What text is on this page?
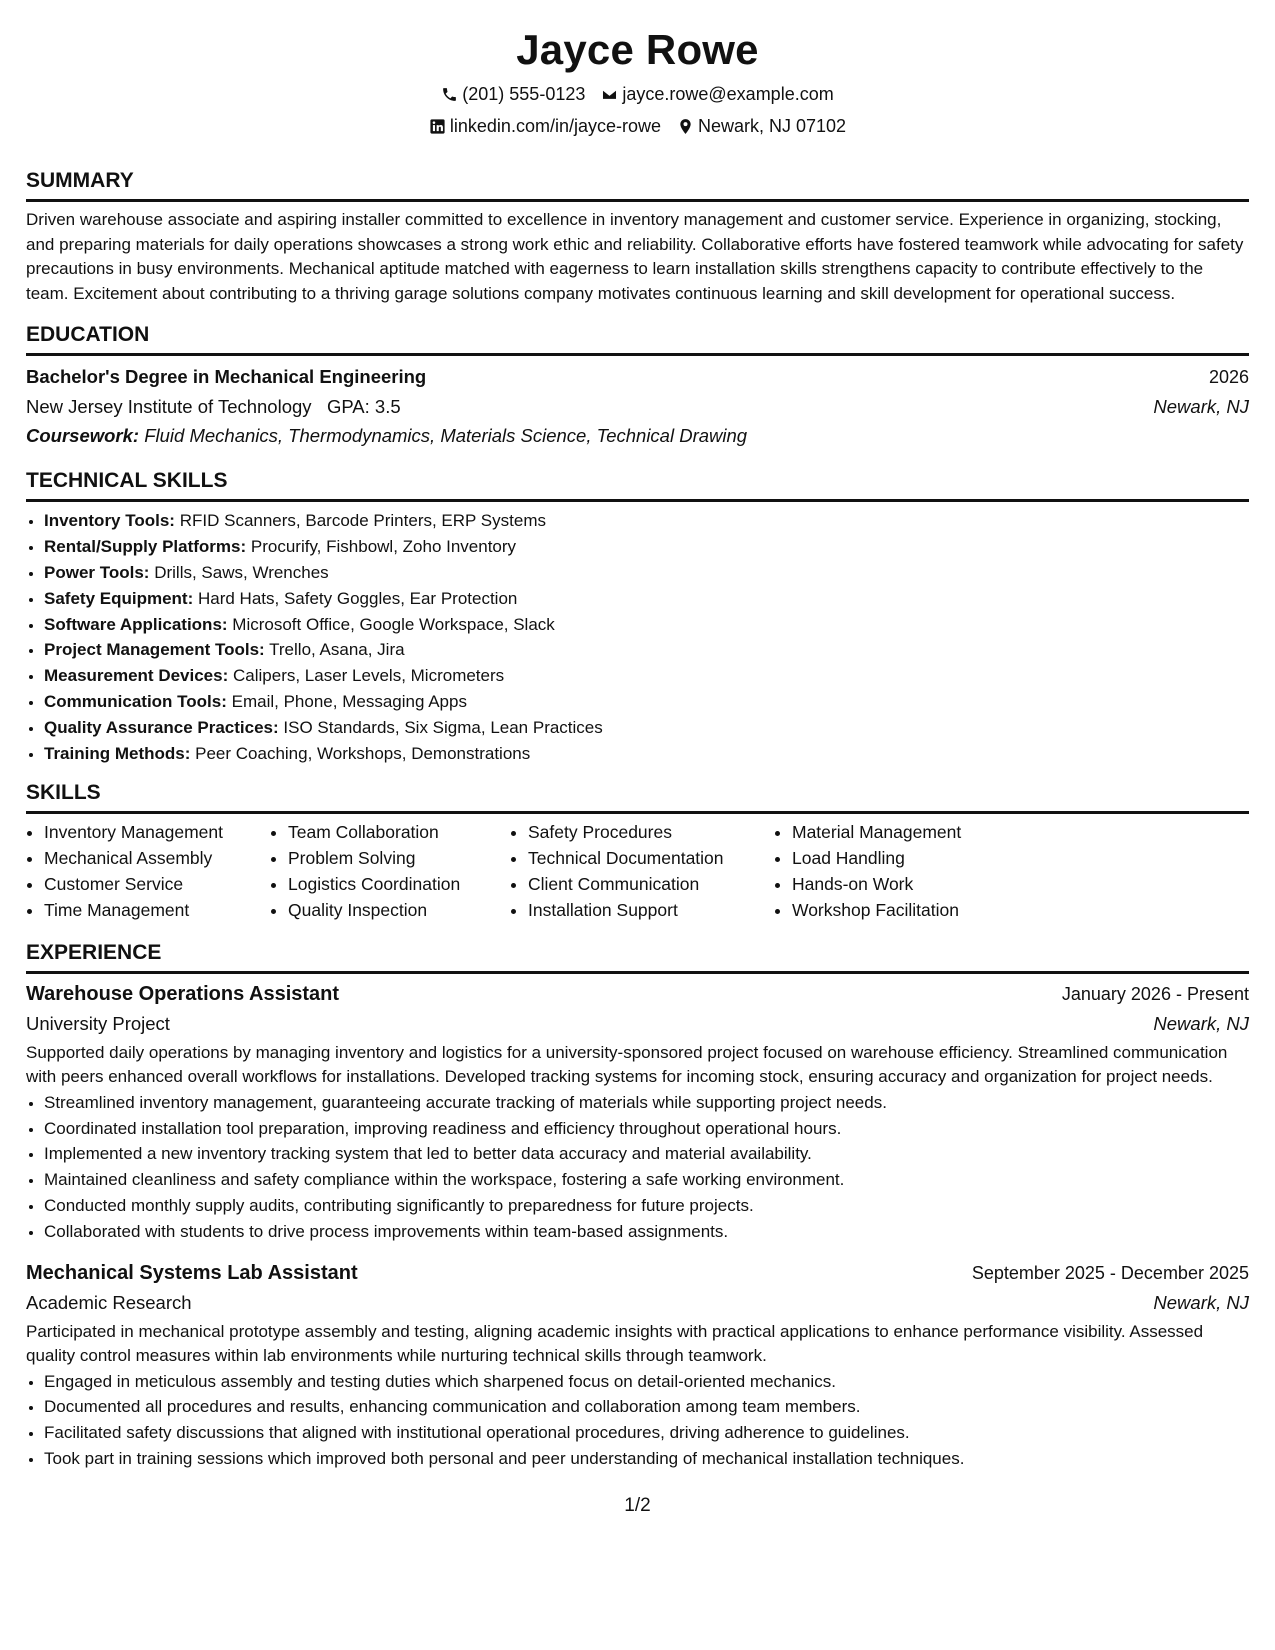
Jayce Rowe
(201) 555-0123 jayce.rowe@example.com
linkedin.com/in/jayce-rowe Newark, NJ 07102
SUMMARY

Driven warehouse associate and aspiring installer committed to excellence in inventory management and customer service. Experience in organizing, stocking, and preparing materials for daily operations showcases a strong work ethic and reliability. Collaborative efforts have fostered teamwork while advocating for safety precautions in busy environments. Mechanical aptitude matched with eagerness to learn installation skills strengthens capacity to contribute effectively to the team. Excitement about contributing to a thriving garage solutions company motivates continuous learning and skill development for operational success.

EDUCATION
Bachelor's Degree in Mechanical Engineering	2026
New Jersey Institute of Technology GPA: 3.5	Newark, NJ
Coursework: Fluid Mechanics, Thermodynamics, Materials Science, Technical Drawing
TECHNICAL SKILLS
• Inventory Tools: RFID Scanners, Barcode Printers, ERP Systems
• Rental/Supply Platforms: Procurify, Fishbowl, Zoho Inventory
• Power Tools: Drills, Saws, Wrenches
• Safety Equipment: Hard Hats, Safety Goggles, Ear Protection
• Software Applications: Microsoft Office, Google Workspace, Slack
• Project Management Tools: Trello, Asana, Jira
• Measurement Devices: Calipers, Laser Levels, Micrometers
• Communication Tools: Email, Phone, Messaging Apps
• Quality Assurance Practices: ISO Standards, Six Sigma, Lean Practices
• Training Methods: Peer Coaching, Workshops, Demonstrations
SKILLS
• Inventory Management
• Mechanical Assembly
• Customer Service
• Time Management
• Team Collaboration
• Problem Solving
• Logistics Coordination
• Quality Inspection
• Safety Procedures
• Technical Documentation
• Client Communication
• Installation Support
• Material Management
• Load Handling
• Hands-on Work
• Workshop Facilitation
EXPERIENCE
Warehouse Operations Assistant	January 2026 - Present
University Project	Newark, NJ

Supported daily operations by managing inventory and logistics for a university-sponsored project focused on warehouse efficiency. Streamlined communication with peers enhanced overall workflows for installations. Developed tracking systems for incoming stock, ensuring accuracy and organization for project needs.

• Streamlined inventory management, guaranteeing accurate tracking of materials while supporting project needs.
• Coordinated installation tool preparation, improving readiness and efficiency throughout operational hours.
• Implemented a new inventory tracking system that led to better data accuracy and material availability.
• Maintained cleanliness and safety compliance within the workspace, fostering a safe working environment.
• Conducted monthly supply audits, contributing significantly to preparedness for future projects.
• Collaborated with students to drive process improvements within team-based assignments.
Mechanical Systems Lab Assistant	September 2025 - December 2025
Academic Research	Newark, NJ

Participated in mechanical prototype assembly and testing, aligning academic insights with practical applications to enhance performance visibility. Assessed quality control measures within lab environments while nurturing technical skills through teamwork.

• Engaged in meticulous assembly and testing duties which sharpened focus on detail-oriented mechanics.
• Documented all procedures and results, enhancing communication and collaboration among team members.
• Facilitated safety discussions that aligned with institutional operational procedures, driving adherence to guidelines.
• Took part in training sessions which improved both personal and peer understanding of mechanical installation techniques.
1/2
